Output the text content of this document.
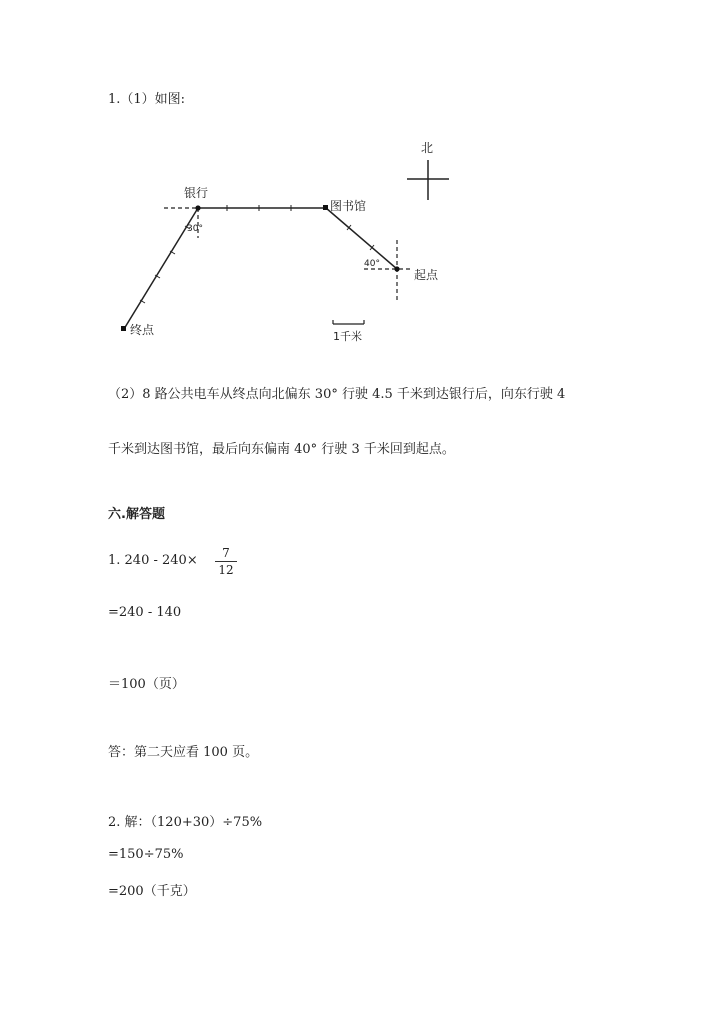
1.（1）如图:
北
银行
图书馆
起点
终点
30°
40°
1千米
（2）8 路公共电车从终点向北偏东 30° 行驶 4.5 千米到达银行后，向东行驶 4
千米到达图书馆，最后向东偏南 40° 行驶 3 千米回到起点。
六.解答题
1. 240 - 240×	7
12
=240 - 140
＝100（页）
答：第二天应看 100 页。
2. 解：（120+30）÷75%
=150÷75%
=200（千克）
